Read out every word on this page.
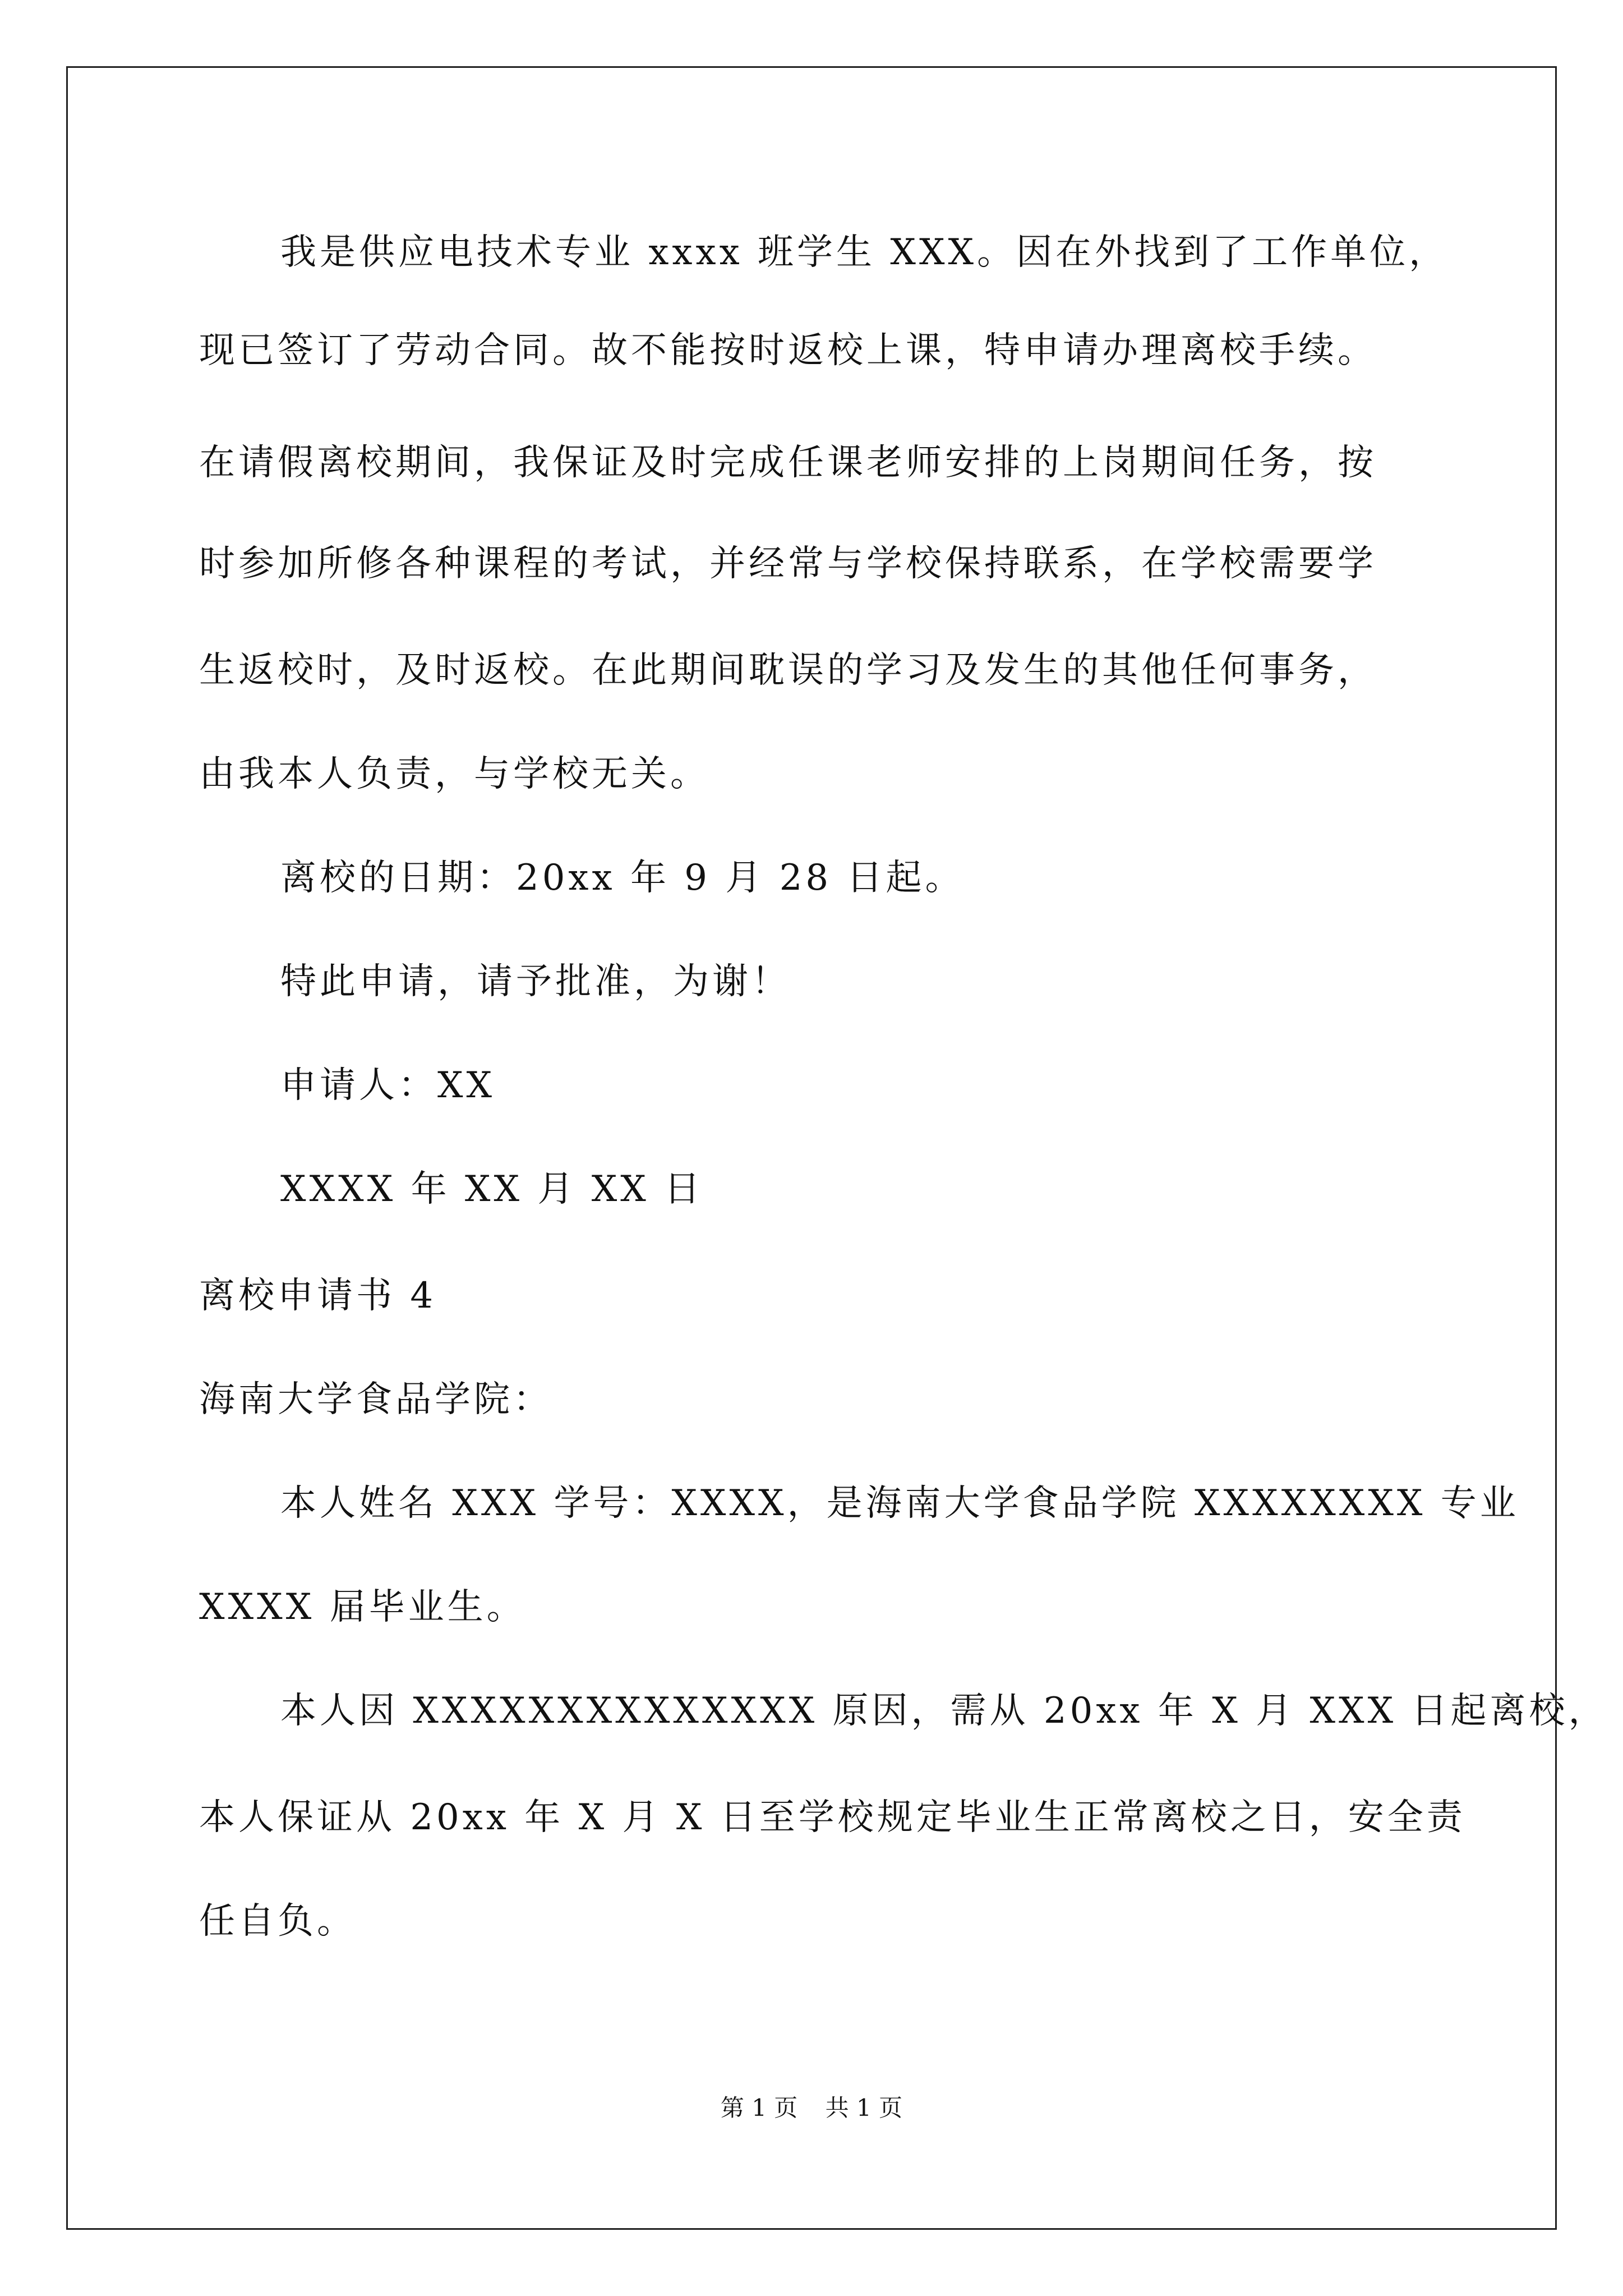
我是供应电技术专业 xxxx 班学生 XXX。因在外找到了工作单位，
现已签订了劳动合同。故不能按时返校上课，特申请办理离校手续。
在请假离校期间，我保证及时完成任课老师安排的上岗期间任务，按
时参加所修各种课程的考试，并经常与学校保持联系，在学校需要学
生返校时，及时返校。在此期间耽误的学习及发生的其他任何事务，
由我本人负责，与学校无关。
离校的日期：20xx 年 9 月 28 日起。
特此申请，请予批准，为谢！
申请人：XX
XXXX 年 XX 月 XX 日
离校申请书 4
海南大学食品学院：
本人姓名 XXX 学号：XXXX，是海南大学食品学院 XXXXXXXX 专业
XXXX 届毕业生。
本人因 XXXXXXXXXXXXXX 原因，需从 20xx 年 X 月 XXX 日起离校，
本人保证从 20xx 年 X 月 X 日至学校规定毕业生正常离校之日，安全责
任自负。
第 1 页 共 1 页
